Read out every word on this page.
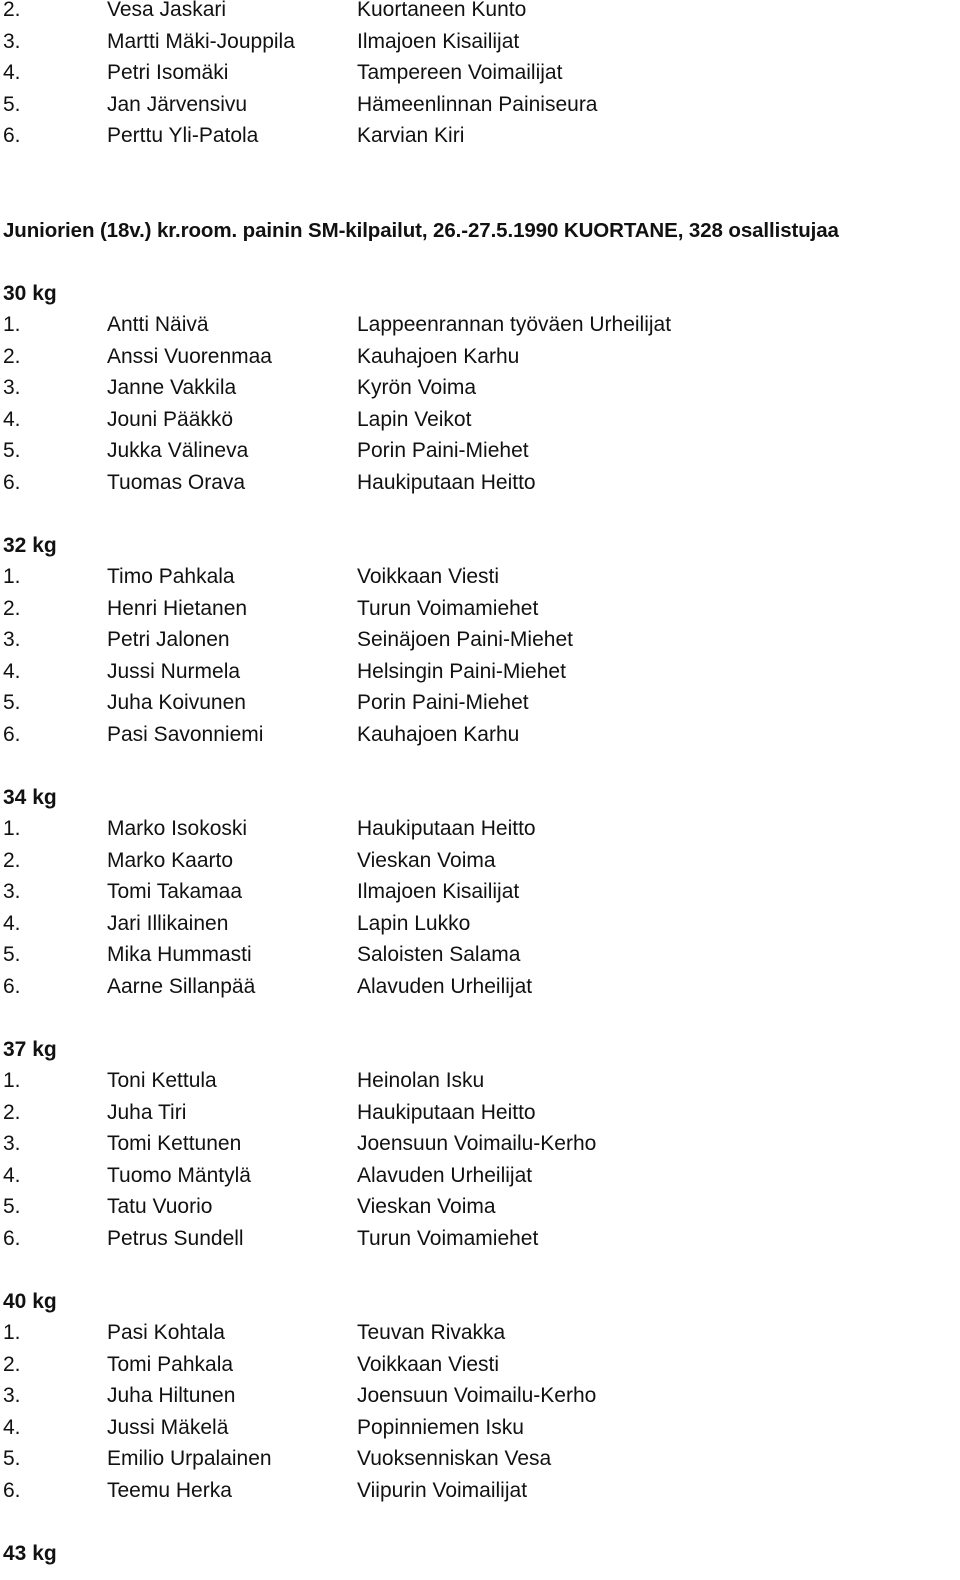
2.	Vesa Jaskari	Kuortaneen Kunto
3.	Martti Mäki-Jouppila	Ilmajoen Kisailijat
4.	Petri Isomäki	Tampereen Voimailijat
5.	Jan Järvensivu	Hämeenlinnan Painiseura
6.	Perttu Yli-Patola	Karvian Kiri
Juniorien (18v.) kr.room. painin SM-kilpailut, 26.-27.5.1990 KUORTANE, 328 osallistujaa
30 kg
1.	Antti Näivä	Lappeenrannan työväen Urheilijat
2.	Anssi Vuorenmaa	Kauhajoen Karhu
3.	Janne Vakkila	Kyrön Voima
4.	Jouni Pääkkö	Lapin Veikot
5.	Jukka Välineva	Porin Paini-Miehet
6.	Tuomas Orava	Haukiputaan Heitto
32 kg
1.	Timo Pahkala	Voikkaan Viesti
2.	Henri Hietanen	Turun Voimamiehet
3.	Petri Jalonen	Seinäjoen Paini-Miehet
4.	Jussi Nurmela	Helsingin Paini-Miehet
5.	Juha Koivunen	Porin Paini-Miehet
6.	Pasi Savonniemi	Kauhajoen Karhu
34 kg
1.	Marko Isokoski	Haukiputaan Heitto
2.	Marko Kaarto	Vieskan Voima
3.	Tomi Takamaa	Ilmajoen Kisailijat
4.	Jari Illikainen	Lapin Lukko
5.	Mika Hummasti	Saloisten Salama
6.	Aarne Sillanpää	Alavuden Urheilijat
37 kg
1.	Toni Kettula	Heinolan Isku
2.	Juha Tiri	Haukiputaan Heitto
3.	Tomi Kettunen	Joensuun Voimailu-Kerho
4.	Tuomo Mäntylä	Alavuden Urheilijat
5.	Tatu Vuorio	Vieskan Voima
6.	Petrus Sundell	Turun Voimamiehet
40 kg
1.	Pasi Kohtala	Teuvan Rivakka
2.	Tomi Pahkala	Voikkaan Viesti
3.	Juha Hiltunen	Joensuun Voimailu-Kerho
4.	Jussi Mäkelä	Popinniemen Isku
5.	Emilio Urpalainen	Vuoksenniskan Vesa
6.	Teemu Herka	Viipurin Voimailijat
43 kg
